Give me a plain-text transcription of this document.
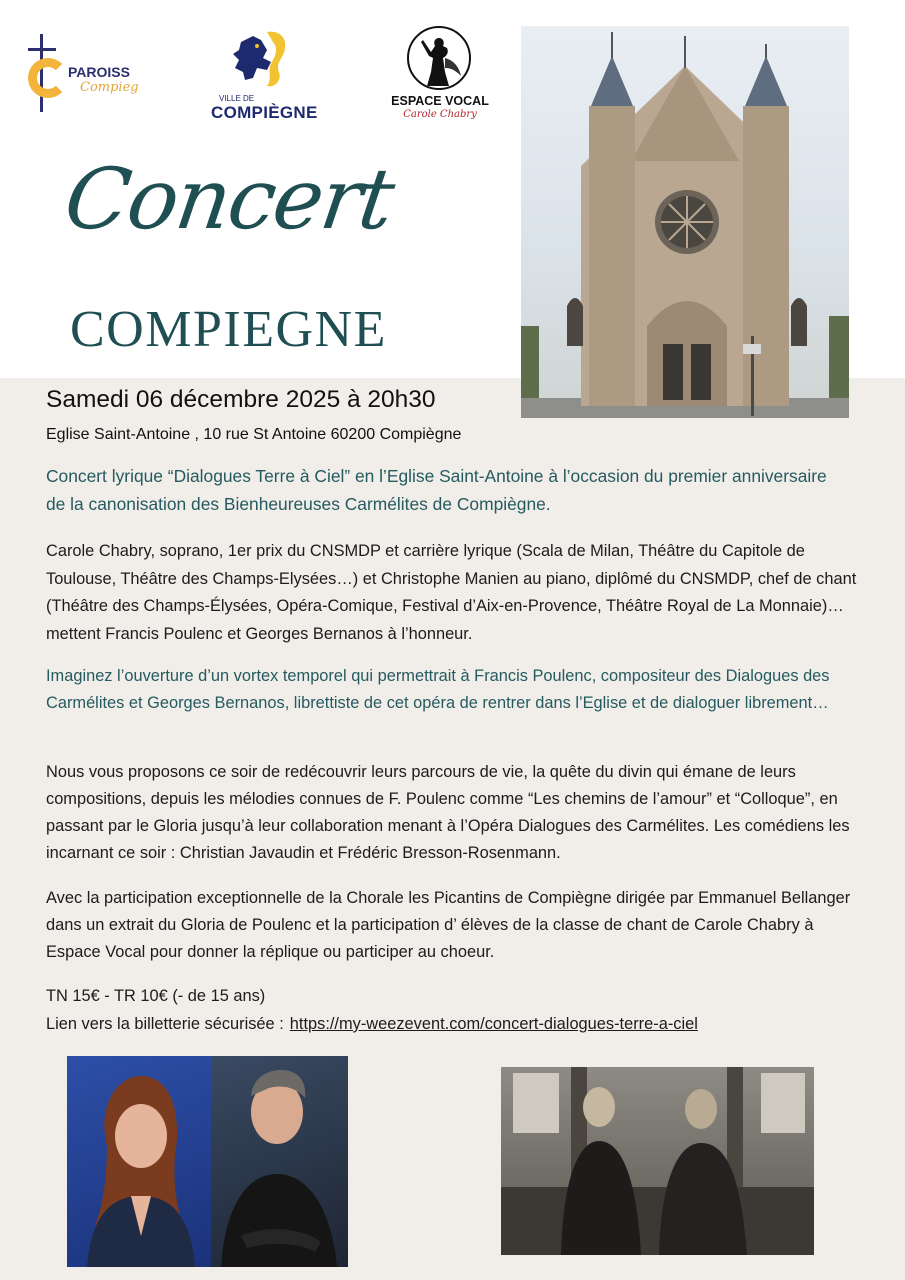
PAROISS
Compieg
VILLE DE
COMPIÈGNE
ESPACE VOCAL
Carole Chabry
Concert
COMPIEGNE
Samedi 06 décembre 2025 à 20h30
Eglise Saint-Antoine , 10 rue St Antoine 60200 Compiègne
Concert lyrique “Dialogues Terre à Ciel” en l’Eglise Saint-Antoine à l’occasion du premier anniversaire de la canonisation des Bienheureuses Carmélites de Compiègne.
Carole Chabry, soprano, 1er prix du CNSMDP et carrière lyrique (Scala de Milan, Théâtre du Capitole de Toulouse, Théâtre des Champs-Elysées…) et Christophe Manien au piano, diplômé du CNSMDP, chef de chant (Théâtre des Champs-Élysées, Opéra-Comique, Festival d’Aix-en-Provence, Théâtre Royal de La Monnaie)… mettent Francis Poulenc et Georges Bernanos à l’honneur.
Imaginez l’ouverture d’un vortex temporel qui permettrait à Francis Poulenc, compositeur des Dialogues des Carmélites et Georges Bernanos, librettiste de cet opéra de rentrer dans l’Eglise et de dialoguer librement…
Nous vous proposons ce soir de redécouvrir leurs parcours de vie, la quête du divin qui émane de leurs compositions, depuis les mélodies connues de F. Poulenc comme “Les chemins de l’amour” et “Colloque”, en passant par le Gloria jusqu’à leur collaboration menant à l’Opéra Dialogues des Carmélites. Les comédiens les incarnant ce soir : Christian Javaudin et Frédéric Bresson-Rosenmann.
Avec la participation exceptionnelle de la Chorale les Picantins de Compiègne dirigée par Emmanuel Bellanger dans un extrait du Gloria de Poulenc et la participation d’ élèves de la classe de chant de Carole Chabry à Espace Vocal pour donner la réplique ou participer au choeur.
TN 15€ - TR 10€ (- de 15 ans)
Lien vers la billetterie sécurisée : https://my-weezevent.com/concert-dialogues-terre-a-ciel
